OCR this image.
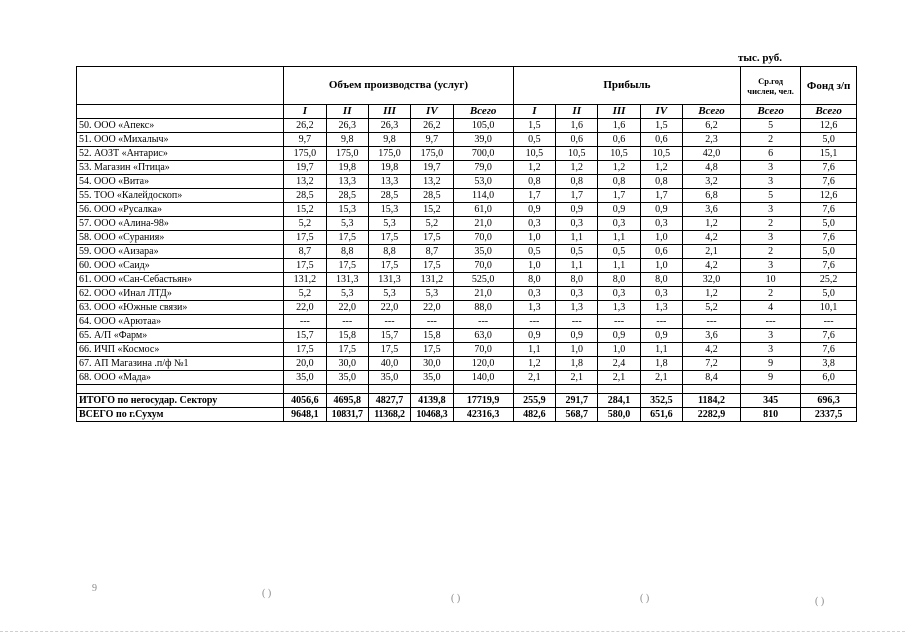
тыс. руб.
	Объем производства (услуг)					Прибыль					Ср.год числен, чел.	Фонд з/п
	I	II	III	IV	Всего	I	II	III	IV	Всего	Всего	Всего
50. ООО «Апекс»	26,2	26,3	26,3	26,2	105,0	1,5	1,6	1,6	1,5	6,2	5	12,6
51. ООО «Михалыч»	9,7	9,8	9,8	9,7	39,0	0,5	0,6	0,6	0,6	2,3	2	5,0
52. АОЗТ «Антарис»	175,0	175,0	175,0	175,0	700,0	10,5	10,5	10,5	10,5	42,0	6	15,1
53. Магазин «Птица»	19,7	19,8	19,8	19,7	79,0	1,2	1,2	1,2	1,2	4,8	3	7,6
54. ООО «Вита»	13,2	13,3	13,3	13,2	53,0	0,8	0,8	0,8	0,8	3,2	3	7,6
55. ТОО «Калейдоскоп»	28,5	28,5	28,5	28,5	114,0	1,7	1,7	1,7	1,7	6,8	5	12,6
56. ООО «Русалка»	15,2	15,3	15,3	15,2	61,0	0,9	0,9	0,9	0,9	3,6	3	7,6
57. ООО «Алина-98»	5,2	5,3	5,3	5,2	21,0	0,3	0,3	0,3	0,3	1,2	2	5,0
58. ООО «Сурания»	17,5	17,5	17,5	17,5	70,0	1,0	1,1	1,1	1,0	4,2	3	7,6
59. ООО «Аизара»	8,7	8,8	8,8	8,7	35,0	0,5	0,5	0,5	0,6	2,1	2	5,0
60. ООО «Саид»	17,5	17,5	17,5	17,5	70,0	1,0	1,1	1,1	1,0	4,2	3	7,6
61. ООО «Сан-Себастьян»	131,2	131,3	131,3	131,2	525,0	8,0	8,0	8,0	8,0	32,0	10	25,2
62. ООО «Инал ЛТД»	5,2	5,3	5,3	5,3	21,0	0,3	0,3	0,3	0,3	1,2	2	5,0
63. ООО «Южные связи»	22,0	22,0	22,0	22,0	88,0	1,3	1,3	1,3	1,3	5,2	4	10,1
64. ООО «Арютаа»	---	---	---	---	---	---	---	---	---	---	---	---
65. А/П «Фарм»	15,7	15,8	15,7	15,8	63,0	0,9	0,9	0,9	0,9	3,6	3	7,6
66. ИЧП «Космос»	17,5	17,5	17,5	17,5	70,0	1,1	1,0	1,0	1,1	4,2	3	7,6
67. АП Магазина .п/ф №1	20,0	30,0	40,0	30,0	120,0	1,2	1,8	2,4	1,8	7,2	9	3,8
68. ООО «Мада»	35,0	35,0	35,0	35,0	140,0	2,1	2,1	2,1	2,1	8,4	9	6,0

ИТОГО по негосудар. Сектору	4056,6	4695,8	4827,7	4139,8	17719,9	255,9	291,7	284,1	352,5	1184,2	345	696,3
ВСЕГО по г.Сухум	9648,1	10831,7	11368,2	10468,3	42316,3	482,6	568,7	580,0	651,6	2282,9	810	2337,5
9	( )	( )	( )	( )
